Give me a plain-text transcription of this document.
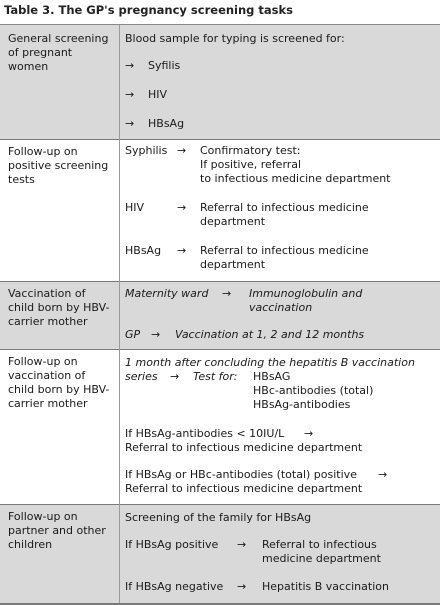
Table 3. The GP's pregnancy screening tasks
General screening
of pregnant
women
Blood sample for typing is screened for:
→ Syfilis
→ HIV
→ HBsAg
Follow-up on
positive screening
tests
Syphilis → Confirmatory test:
If positive, referral
to infectious medicine department
HIV	→ Referral to infectious medicine
department
HBsAg → Referral to infectious medicine
department
Vaccination of
child born by HBV-
carrier mother
Maternity ward → Immunoglobulin and
vaccination
GP → Vaccination at 1, 2 and 12 months
Follow-up on
vaccination of
child born by HBV-
carrier mother
1 month after concluding the hepatitis B vaccination
series → Test for: HBsAG
HBc-antibodies (total)
HBsAg-antibodies
If HBsAg-antibodies < 10IU/L →
Referral to infectious medicine department
If HBsAg or HBc-antibodies (total) positive →
Referral to infectious medicine department
Follow-up on
partner and other
children
Screening of the family for HBsAg
If HBsAg positive → Referral to infectious
medicine department
If HBsAg negative → Hepatitis B vaccination
